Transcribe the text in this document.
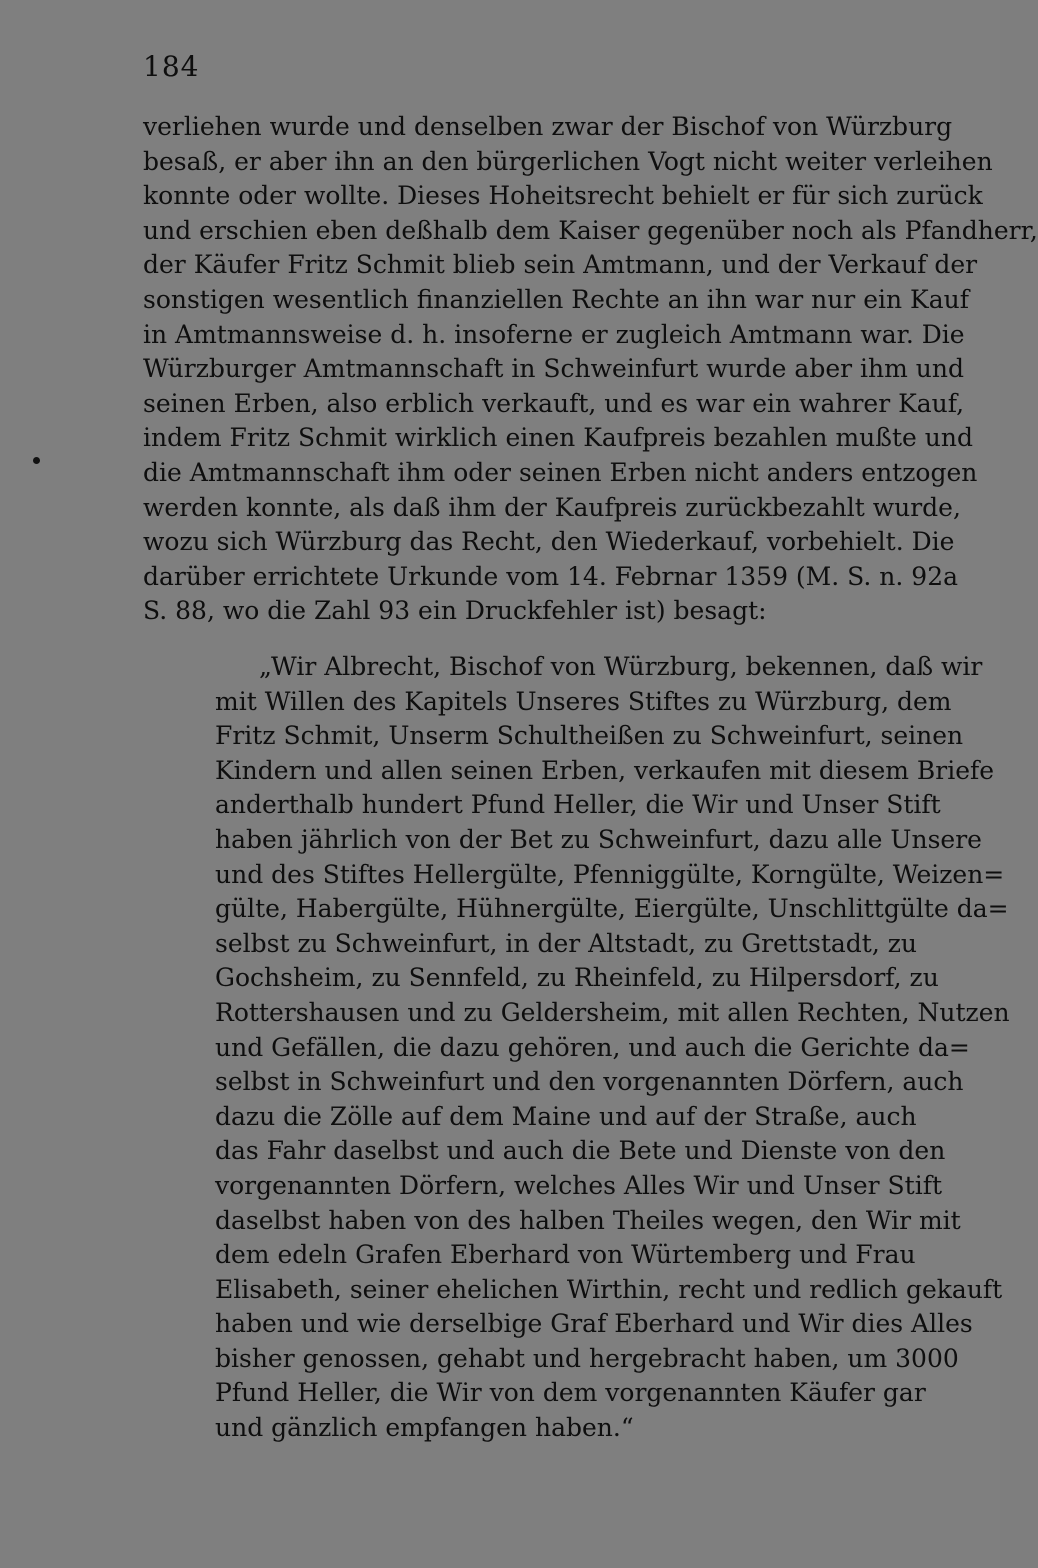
184
verliehen wurde und denselben zwar der Bischof von Würzburg
besaß, er aber ihn an den bürgerlichen Vogt nicht weiter verleihen
konnte oder wollte. Dieses Hoheitsrecht behielt er für sich zurück
und erschien eben deßhalb dem Kaiser gegenüber noch als Pfandherr,
der Käufer Fritz Schmit blieb sein Amtmann, und der Verkauf der
sonstigen wesentlich finanziellen Rechte an ihn war nur ein Kauf
in Amtmannsweise d. h. insoferne er zugleich Amtmann war. Die
Würzburger Amtmannschaft in Schweinfurt wurde aber ihm und
seinen Erben, also erblich verkauft, und es war ein wahrer Kauf,
indem Fritz Schmit wirklich einen Kaufpreis bezahlen mußte und
die Amtmannschaft ihm oder seinen Erben nicht anders entzogen
werden konnte, als daß ihm der Kaufpreis zurückbezahlt wurde,
wozu sich Würzburg das Recht, den Wiederkauf, vorbehielt. Die
darüber errichtete Urkunde vom 14. Febrnar 1359 (M. S. n. 92a
S. 88, wo die Zahl 93 ein Druckfehler ist) besagt:
„Wir Albrecht, Bischof von Würzburg, bekennen, daß wir
mit Willen des Kapitels Unseres Stiftes zu Würzburg, dem
Fritz Schmit, Unserm Schultheißen zu Schweinfurt, seinen
Kindern und allen seinen Erben, verkaufen mit diesem Briefe
anderthalb hundert Pfund Heller, die Wir und Unser Stift
haben jährlich von der Bet zu Schweinfurt, dazu alle Unsere
und des Stiftes Hellergülte, Pfenniggülte, Korngülte, Weizen=
gülte, Habergülte, Hühnergülte, Eiergülte, Unschlittgülte da=
selbst zu Schweinfurt, in der Altstadt, zu Grettstadt, zu
Gochsheim, zu Sennfeld, zu Rheinfeld, zu Hilpersdorf, zu
Rottershausen und zu Geldersheim, mit allen Rechten, Nutzen
und Gefällen, die dazu gehören, und auch die Gerichte da=
selbst in Schweinfurt und den vorgenannten Dörfern, auch
dazu die Zölle auf dem Maine und auf der Straße, auch
das Fahr daselbst und auch die Bete und Dienste von den
vorgenannten Dörfern, welches Alles Wir und Unser Stift
daselbst haben von des halben Theiles wegen, den Wir mit
dem edeln Grafen Eberhard von Würtemberg und Frau
Elisabeth, seiner ehelichen Wirthin, recht und redlich gekauft
haben und wie derselbige Graf Eberhard und Wir dies Alles
bisher genossen, gehabt und hergebracht haben, um 3000
Pfund Heller, die Wir von dem vorgenannten Käufer gar
und gänzlich empfangen haben.“
